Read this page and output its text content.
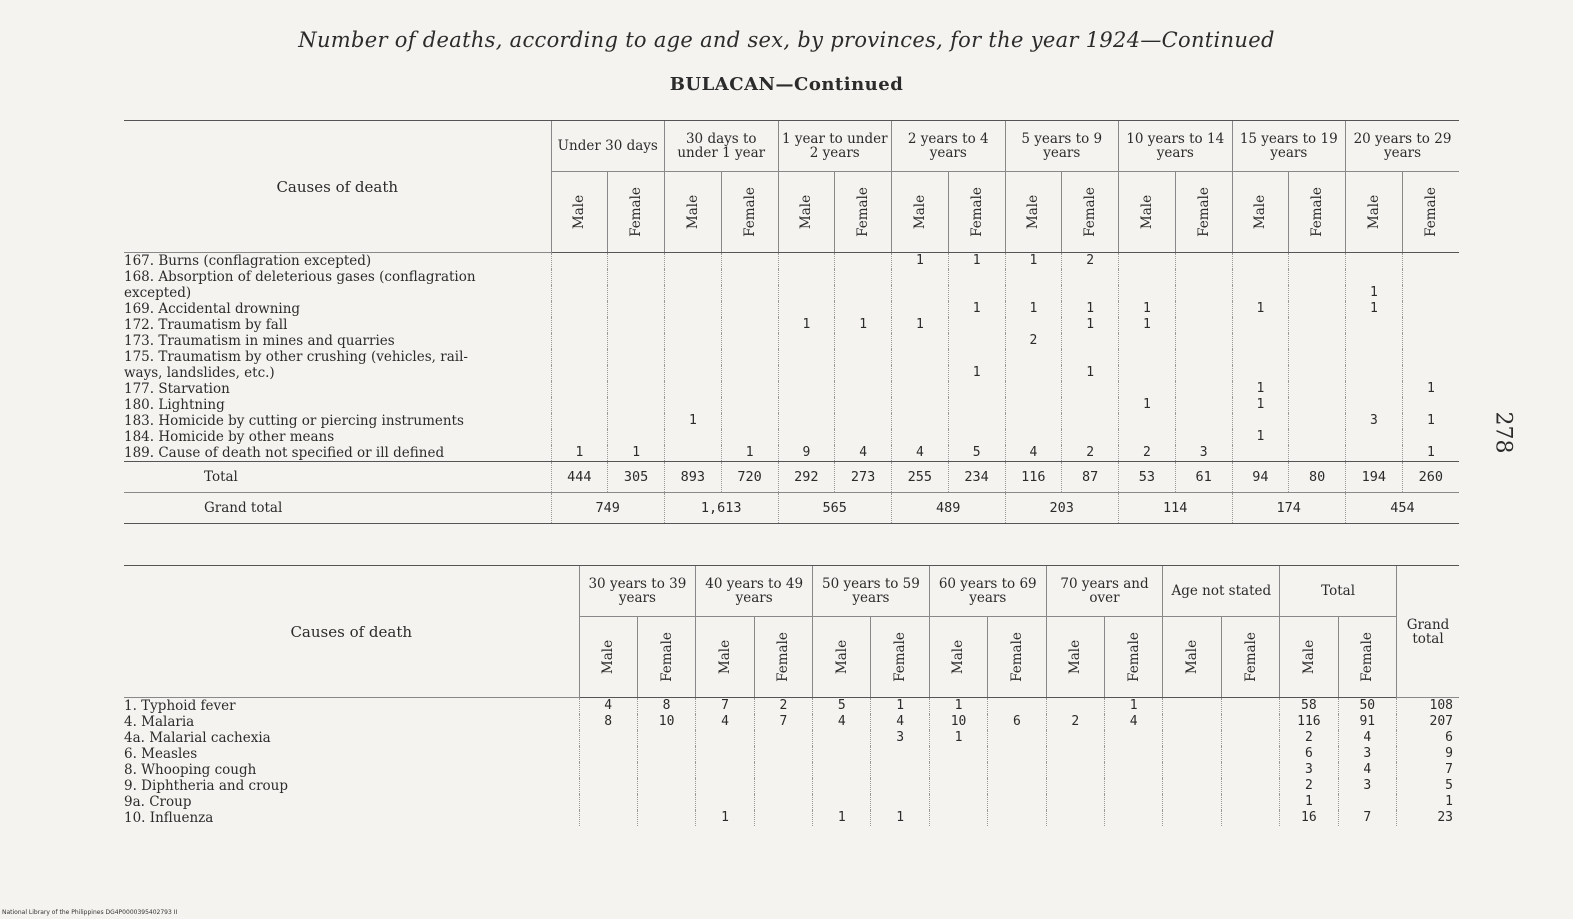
Number of deaths, according to age and sex, by provinces, for the year 1924—Continued
BULACAN—Continued
278
Causes of death	Under 30 days		30 days to under 1 year		1 year to under 2 years		2 years to 4 years		5 years to 9 years		10 years to 14 years		15 years to 19 years		20 years to 29 years	
	Male	Female	Male	Female	Male	Female	Male	Female	Male	Female	Male	Female	Male	Female	Male	Female
167. Burns (conflagration excepted)							1	1	1	2						
168. Absorption of deleterious gases (conflagration																
excepted)															1	
169. Accidental drowning								1	1	1	1		1		1	
172. Traumatism by fall					1	1	1			1	1					
173. Traumatism in mines and quarries									2							
175. Traumatism by other crushing (vehicles, rail-																
ways, landslides, etc.)								1		1						
177. Starvation													1			1
180. Lightning											1		1			
183. Homicide by cutting or piercing instruments			1												3	1
184. Homicide by other means													1			
189. Cause of death not specified or ill defined	1	1		1	9	4	4	5	4	2	2	3				1
Total	444	305	893	720	292	273	255	234	116	87	53	61	94	80	194	260
Grand total	749		1,613		565		489		203		114		174		454	
Causes of death	30 years to 39 years		40 years to 49 years		50 years to 59 years		60 years to 69 years		70 years and over		Age not stated		Total		Grand total
	Male	Female	Male	Female	Male	Female	Male	Female	Male	Female	Male	Female	Male	Female	
1. Typhoid fever	4	8	7	2	5	1	1			1			58	50	108
4. Malaria	8	10	4	7	4	4	10	6	2	4			116	91	207
4a. Malarial cachexia						3	1						2	4	6
6. Measles													6	3	9
8. Whooping cough													3	4	7
9. Diphtheria and croup													2	3	5
9a. Croup													1		1
10. Influenza			1		1	1							16	7	23
National Library of the Philippines DG4P0000395402793 II
